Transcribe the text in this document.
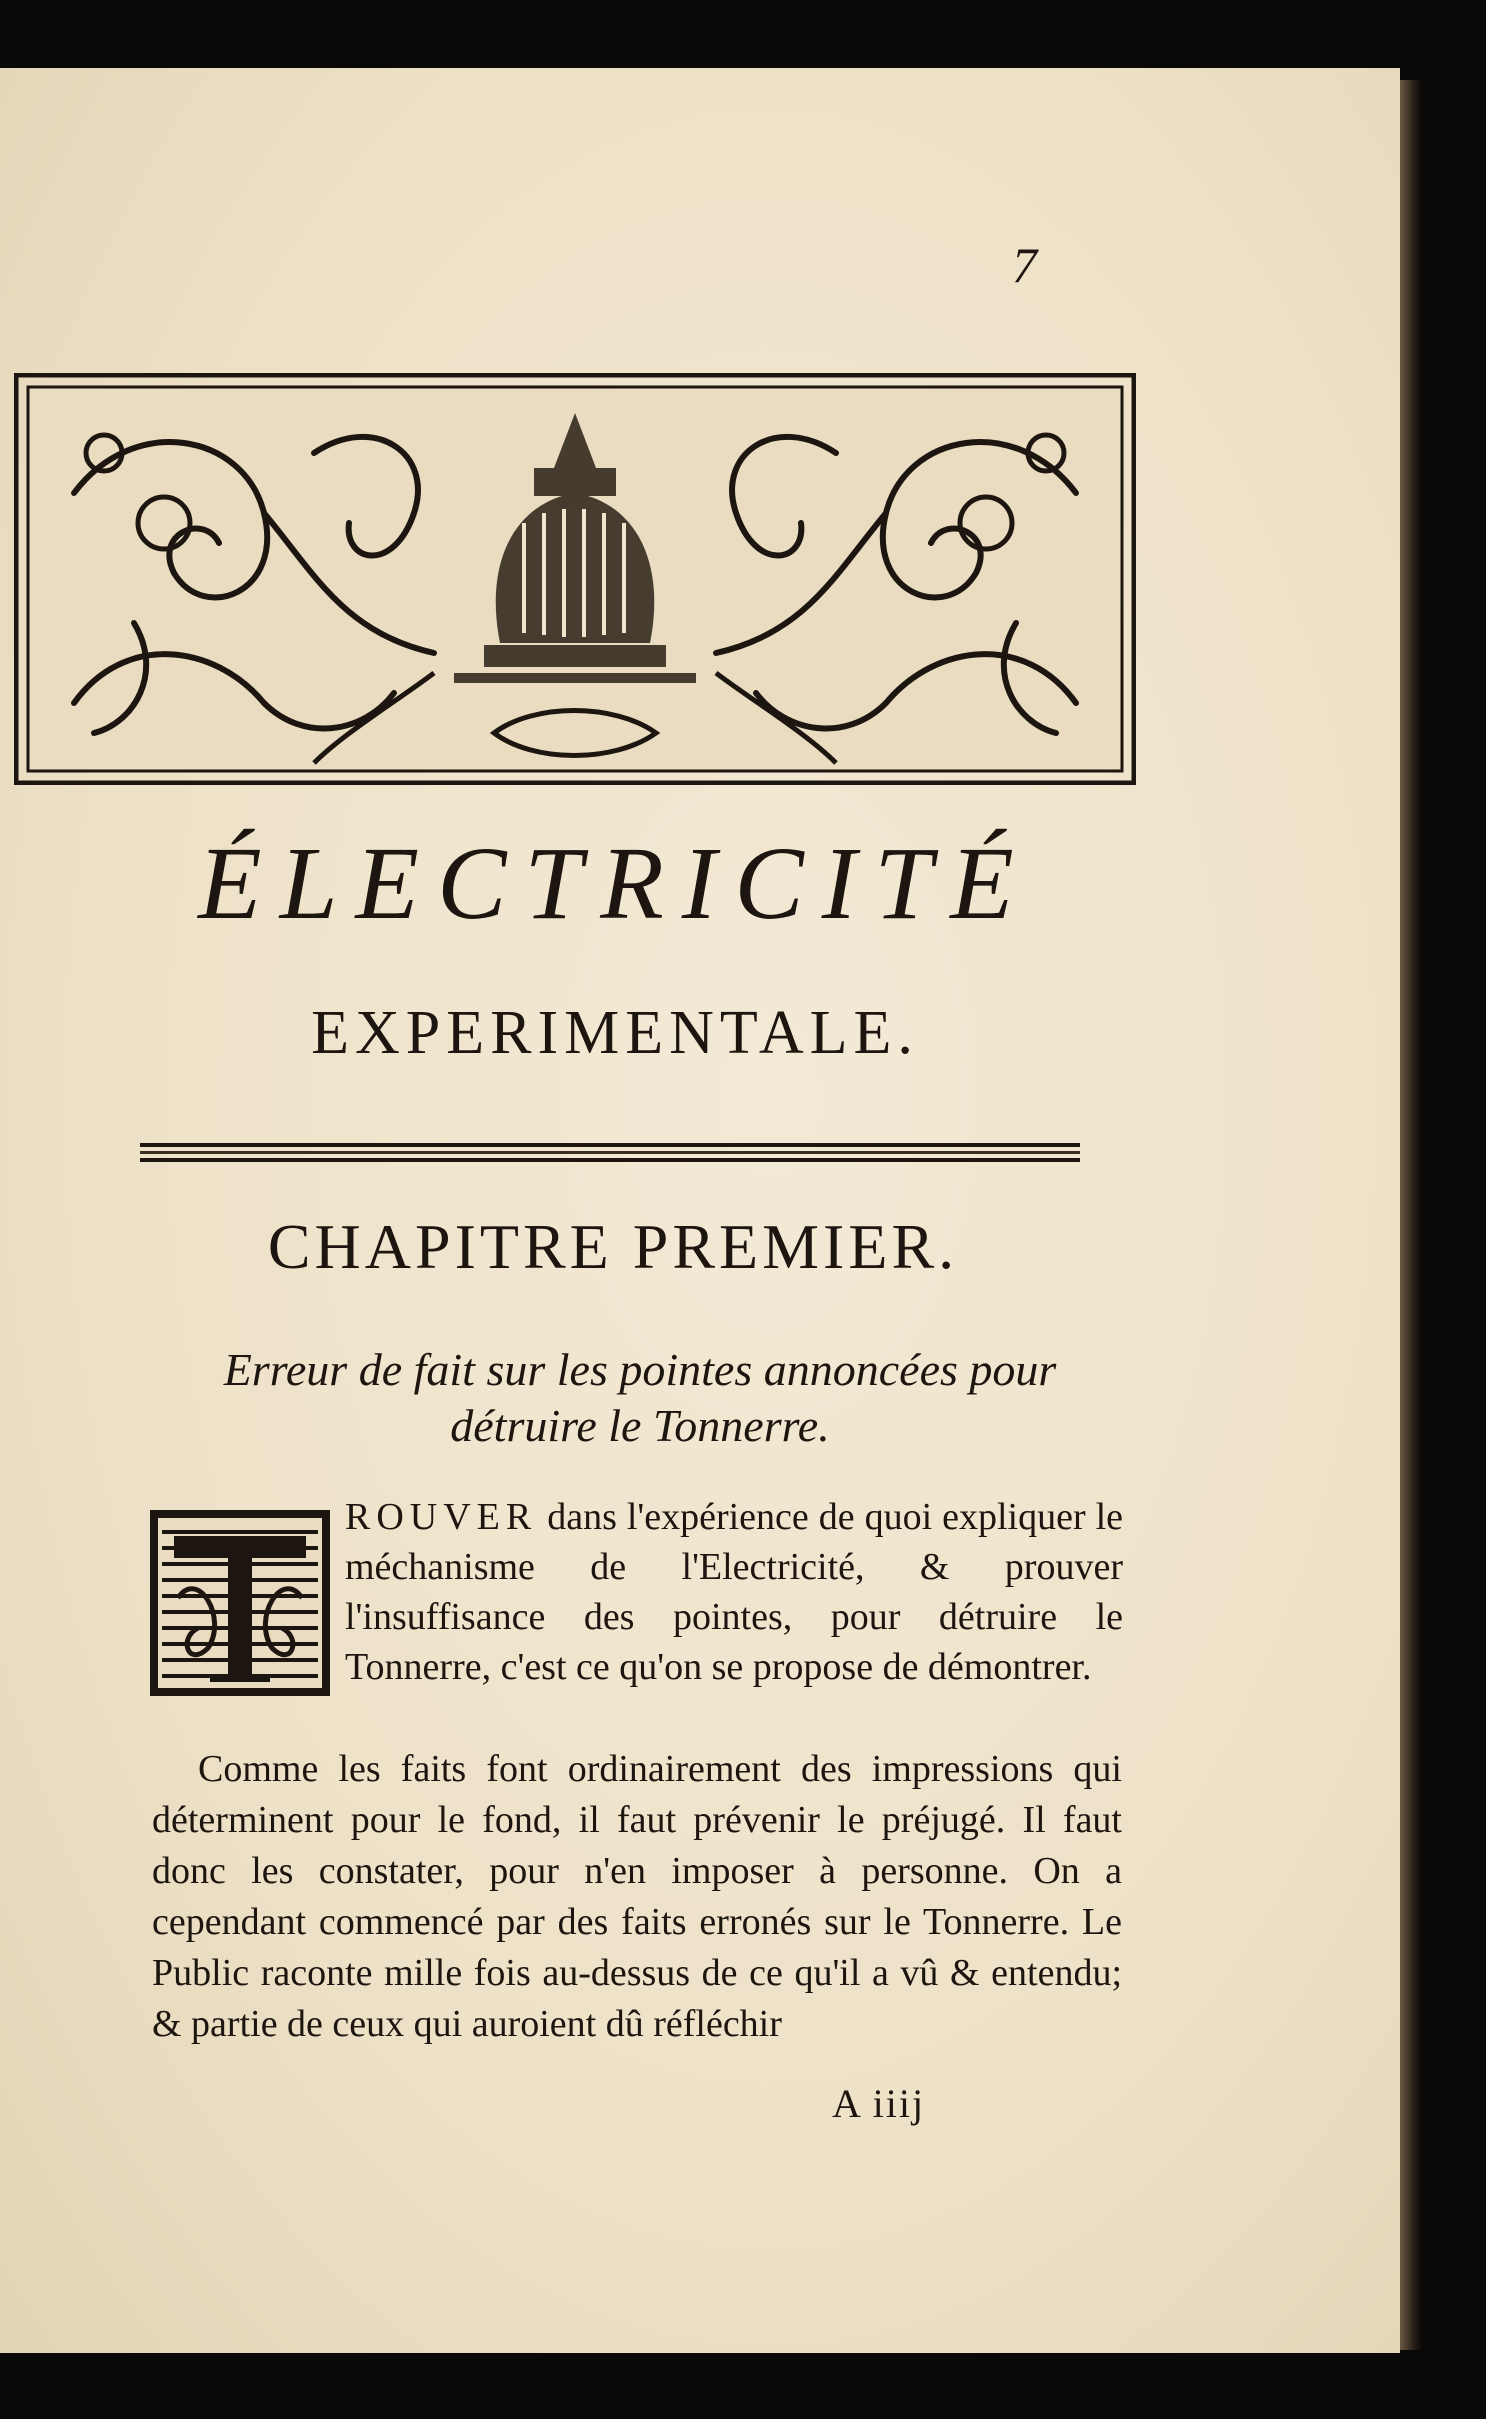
7
ÉLECTRICITÉ
EXPERIMENTALE.
CHAPITRE PREMIER.

Erreur de fait sur les pointes annoncées pour détruire le Tonnerre.

ROUVER dans l'expérience de quoi expliquer le méchanisme de l'Electricité, & prouver l'insuffisance des pointes, pour détruire le Tonnerre, c'est ce qu'on se propose de démontrer.

Comme les faits font ordinairement des impressions qui déterminent pour le fond, il faut prévenir le préjugé. Il faut donc les constater, pour n'en imposer à personne. On a cependant commencé par des faits erronés sur le Tonnerre. Le Public raconte mille fois au-dessus de ce qu'il a vû & entendu; & partie de ceux qui auroient dû réfléchir

A iiij
